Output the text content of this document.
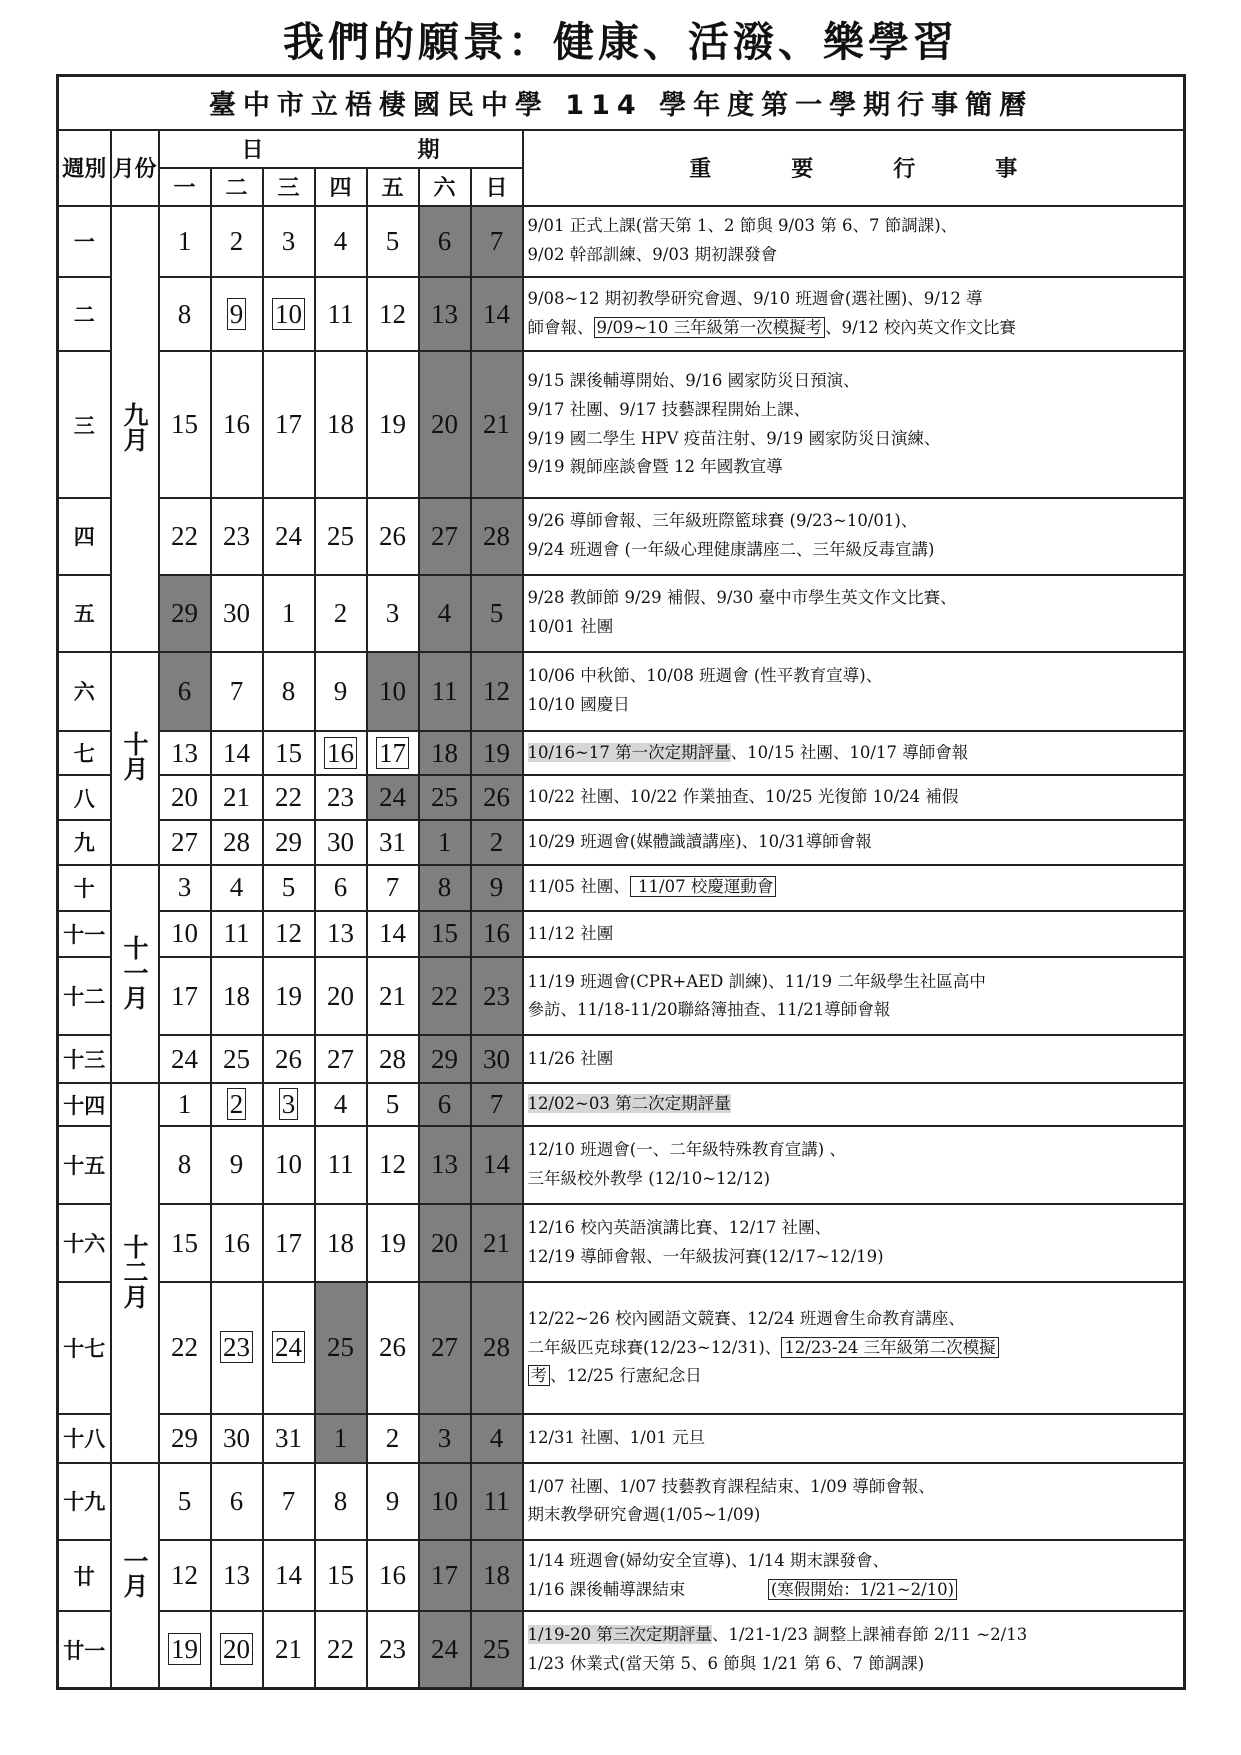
我們的願景：健康、活潑、樂學習
臺中市立梧棲國民中學 114 學年度第一學期行事簡曆									
週別	月份	日　　　　　　　期							重要行事
		一	二	三	四	五	六	日	
一	九月	1	2	3	4	5	6	7	9/01 正式上課(當天第 1、2 節與 9/03 第 6、7 節調課)、
9/02 幹部訓練、9/03 期初課發會

二		8	9	10	11	12	13	14	9/08~12 期初教學研究會週、9/10 班週會(選社團)、9/12 導
師會報、 9/09~10 三年級第一次模擬考 、9/12 校內英文作文比賽

三		15	16	17	18	19	20	21	9/15 課後輔導開始、9/16 國家防災日預演、
9/17 社團、9/17 技藝課程開始上課、
9/19 國二學生 HPV 疫苗注射、9/19 國家防災日演練、
9/19 親師座談會暨 12 年國教宣導

四		22	23	24	25	26	27	28	9/26 導師會報、三年級班際籃球賽 (9/23~10/01)、
9/24 班週會 (一年級心理健康講座二、三年級反毒宣講)

五		29	30	1	2	3	4	5	9/28 教師節 9/29 補假、9/30 臺中市學生英文作文比賽、
10/01 社團

六	十月	6	7	8	9	10	11	12	10/06 中秋節、10/08 班週會 (性平教育宣導)、
10/10 國慶日

七		13	14	15	16	17	18	19	10/16~17 第一次定期評量、10/15 社團、10/17 導師會報

八		20	21	22	23	24	25	26	10/22 社團、10/22 作業抽查、10/25 光復節 10/24 補假

九		27	28	29	30	31	1	2	10/29 班週會(媒體識讀講座)、10/31導師會報

十	十一月	3	4	5	6	7	8	9	11/05 社團、 11/07 校慶運動會

十一		10	11	12	13	14	15	16	11/12 社團

十二		17	18	19	20	21	22	23	11/19 班週會(CPR+AED 訓練)、11/19 二年級學生社區高中
參訪、11/18-11/20聯絡簿抽查、11/21導師會報

十三		24	25	26	27	28	29	30	11/26 社團

十四	十二月	1	2	3	4	5	6	7	12/02~03 第二次定期評量

十五		8	9	10	11	12	13	14	12/10 班週會(一、二年級特殊教育宣講) 、
三年級校外教學 (12/10~12/12)

十六		15	16	17	18	19	20	21	12/16 校內英語演講比賽、12/17 社團、
12/19 導師會報、一年級拔河賽(12/17~12/19)

十七		22	23	24	25	26	27	28	12/22~26 校內國語文競賽、12/24 班週會生命教育講座、
二年級匹克球賽(12/23~12/31)、 12/23-24 三年級第二次模擬
考 、12/25 行憲紀念日

十八		29	30	31	1	2	3	4	12/31 社團、1/01 元旦

十九	一月	5	6	7	8	9	10	11	1/07 社團、1/07 技藝教育課程結束、1/09 導師會報、
期末教學研究會週(1/05~1/09)

廿		12	13	14	15	16	17	18	1/14 班週會(婦幼安全宣導)、1/14 期末課發會、
1/16 課後輔導課結束　　　　　(寒假開始：1/21~2/10)

廿一		19	20	21	22	23	24	25	1/19-20 第三次定期評量、1/21-1/23 調整上課補春節 2/11 ~2/13
1/23 休業式(當天第 5、6 節與 1/21 第 6、7 節調課)
